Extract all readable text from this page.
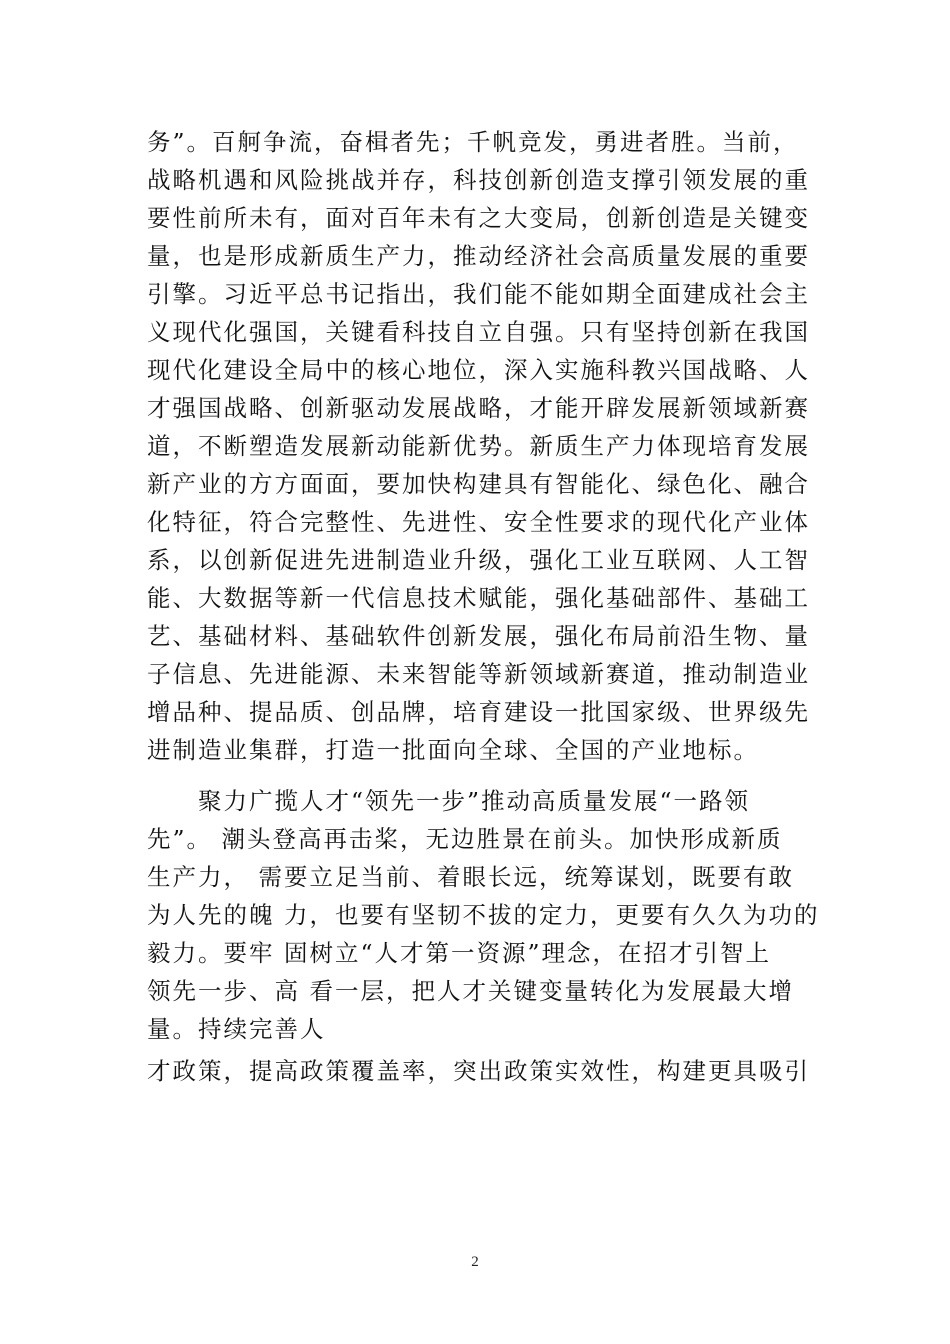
务”。百舸争流，奋楫者先；千帆竞发，勇进者胜。当前，
战略机遇和风险挑战并存，科技创新创造支撑引领发展的重
要性前所未有，面对百年未有之大变局，创新创造是关键变
量，也是形成新质生产力，推动经济社会高质量发展的重要
引擎。习近平总书记指出，我们能不能如期全面建成社会主
义现代化强国，关键看科技自立自强。只有坚持创新在我国
现代化建设全局中的核心地位，深入实施科教兴国战略、人
才强国战略、创新驱动发展战略，才能开辟发展新领域新赛
道，不断塑造发展新动能新优势。新质生产力体现培育发展
新产业的方方面面，要加快构建具有智能化、绿色化、融合
化特征，符合完整性、先进性、安全性要求的现代化产业体
系，以创新促进先进制造业升级，强化工业互联网、人工智
能、大数据等新一代信息技术赋能，强化基础部件、基础工
艺、基础材料、基础软件创新发展，强化布局前沿生物、量
子信息、先进能源、未来智能等新领域新赛道，推动制造业
增品种、提品质、创品牌，培育建设一批国家级、世界级先
进制造业集群，打造一批面向全球、全国的产业地标。
　　聚力广揽人才“领先一步”推动高质量发展“一路领
先”。 潮头登高再击桨，无边胜景在前头。加快形成新质
生产力， 需要立足当前、着眼长远，统筹谋划，既要有敢
为人先的魄 力，也要有坚韧不拔的定力，更要有久久为功的
毅力。要牢 固树立“人才第一资源”理念，在招才引智上
领先一步、高 看一层，把人才关键变量转化为发展最大增
量。持续完善人
才政策，提高政策覆盖率，突出政策实效性，构建更具吸引
2
